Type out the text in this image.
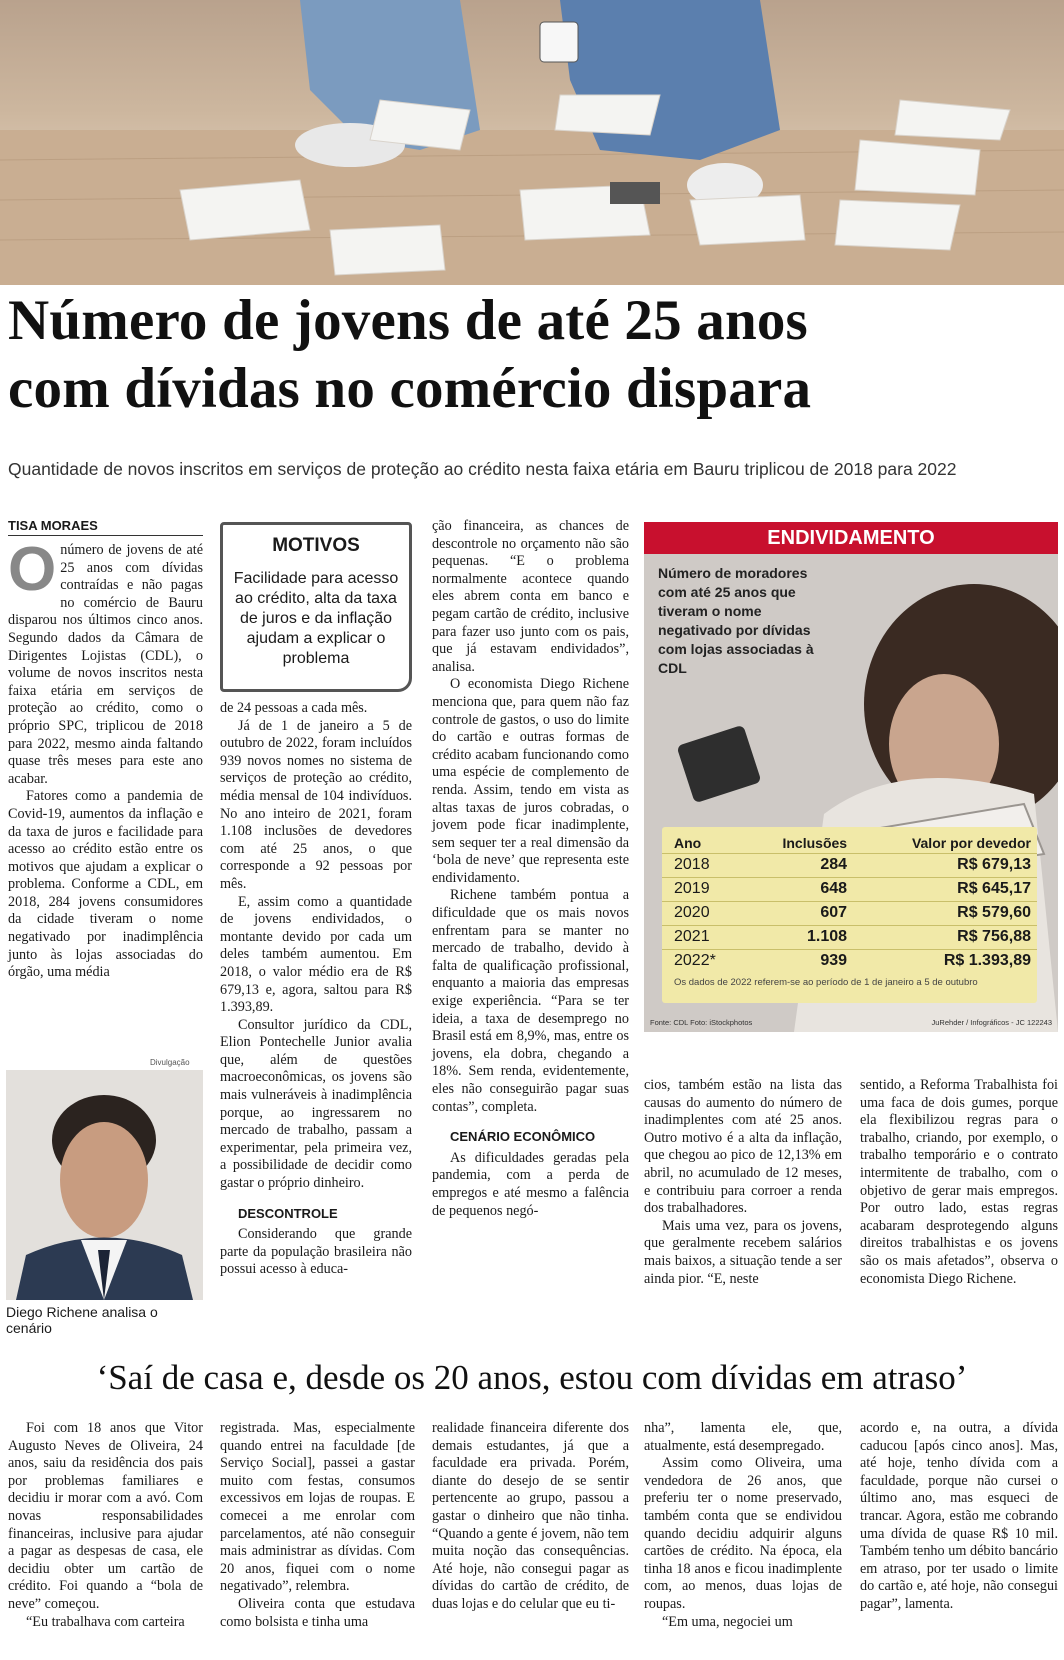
Número de jovens de até 25 anos
com dívidas no comércio dispara
Quantidade de novos inscritos em serviços de proteção ao crédito nesta faixa etária em Bauru triplicou de 2018 para 2022
TISA MORAES

Onúmero de jovens de até 25 anos com dívidas contraídas e não pagas no comércio de Bauru disparou nos últimos cinco anos. Segundo dados da Câmara de Dirigentes Lojistas (CDL), o volume de novos inscritos nesta faixa etária em serviços de proteção ao crédito, como o próprio SPC, triplicou de 2018 para 2022, mesmo ainda faltando quase três meses para este ano acabar.

Fatores como a pandemia de Covid-19, aumentos da inflação e da taxa de juros e facilidade para acesso ao crédito estão entre os motivos que ajudam a explicar o problema. Conforme a CDL, em 2018, 284 jovens consumidores da cidade tiveram o nome negativado por inadimplência junto às lojas associadas do órgão, uma média

MOTIVOS
Facilidade para acesso ao crédito, alta da taxa de juros e da inflação ajudam a explicar o problema

de 24 pessoas a cada mês.

Já de 1 de janeiro a 5 de outubro de 2022, foram incluídos 939 novos nomes no sistema de serviços de proteção ao crédito, média mensal de 104 indivíduos. No ano inteiro de 2021, foram 1.108 inclusões de devedores com até 25 anos, o que corresponde a 92 pessoas por mês.

E, assim como a quantidade de jovens endividados, o montante devido por cada um deles também aumentou. Em 2018, o valor médio era de R$ 679,13 e, agora, saltou para R$ 1.393,89.

Consultor jurídico da CDL, Elion Pontechelle Junior avalia que, além de questões macroeconômicas, os jovens são mais vulneráveis à inadimplência porque, ao ingressarem no mercado de trabalho, passam a experimentar, pela primeira vez, a possibilidade de decidir como gastar o próprio dinheiro.

DESCONTROLE

Considerando que grande parte da população brasileira não possui acesso à educa-

ção financeira, as chances de descontrole no orçamento não são pequenas. “E o problema normalmente acontece quando eles abrem conta em banco e pegam cartão de crédito, inclusive para fazer uso junto com os pais, que já estavam endividados”, analisa.

O economista Diego Richene menciona que, para quem não faz controle de gastos, o uso do limite do cartão e outras formas de crédito acabam funcionando como uma espécie de complemento de renda. Assim, tendo em vista as altas taxas de juros cobradas, o jovem pode ficar inadimplente, sem sequer ter a real dimensão da ‘bola de neve’ que representa este endividamento.

Richene também pontua a dificuldade que os mais novos enfrentam para se manter no mercado de trabalho, devido à falta de qualificação profissional, enquanto a maioria das empresas exige experiência. “Para se ter ideia, a taxa de desemprego no Brasil está em 8,9%, mas, entre os jovens, ela dobra, chegando a 18%. Sem renda, evidentemente, eles não conseguirão pagar suas contas”, completa.

CENÁRIO ECONÔMICO

As dificuldades geradas pela pandemia, com a perda de empregos e até mesmo a falência de pequenos negó-

ENDIVIDAMENTO
Número de moradores com até 25 anos que tiveram o nome negativado por dívidas com lojas associadas à CDL
Ano	Inclusões	Valor por devedor
2018	284	R$ 679,13
2019	648	R$ 645,17
2020	607	R$ 579,60
2021	1.108	R$ 756,88
2022*	939	R$ 1.393,89
Os dados de 2022 referem-se ao período de 1 de janeiro a 5 de outubro
Fonte: CDL Foto: iStockphotos	JuRehder / Infográficos - JC 122243
Divulgação
Diego Richene analisa o cenário

cios, também estão na lista das causas do aumento do número de inadimplentes com até 25 anos. Outro motivo é a alta da inflação, que chegou ao pico de 12,13% em abril, no acumulado de 12 meses, e contribuiu para corroer a renda dos trabalhadores.

Mais uma vez, para os jovens, que geralmente recebem salários mais baixos, a situação tende a ser ainda pior. “E, neste

sentido, a Reforma Trabalhista foi uma faca de dois gumes, porque ela flexibilizou regras para o trabalho, criando, por exemplo, o trabalho temporário e o contrato intermitente de trabalho, com o objetivo de gerar mais empregos. Por outro lado, estas regras acabaram desprotegendo alguns direitos trabalhistas e os jovens são os mais afetados”, observa o economista Diego Richene.

‘Saí de casa e, desde os 20 anos, estou com dívidas em atraso’

Foi com 18 anos que Vitor Augusto Neves de Oliveira, 24 anos, saiu da residência dos pais por problemas familiares e decidiu ir morar com a avó. Com novas responsabilidades financeiras, inclusive para ajudar a pagar as despesas de casa, ele decidiu obter um cartão de crédito. Foi quando a “bola de neve” começou.

“Eu trabalhava com carteira

registrada. Mas, especialmente quando entrei na faculdade [de Serviço Social], passei a gastar muito com festas, consumos excessivos em lojas de roupas. E comecei a me enrolar com parcelamentos, até não conseguir mais administrar as dívidas. Com 20 anos, fiquei com o nome negativado”, relembra.

Oliveira conta que estudava como bolsista e tinha uma

realidade financeira diferente dos demais estudantes, já que a faculdade era privada. Porém, diante do desejo de se sentir pertencente ao grupo, passou a gastar o dinheiro que não tinha. “Quando a gente é jovem, não tem muita noção das consequências. Até hoje, não consegui pagar as dívidas do cartão de crédito, de duas lojas e do celular que eu ti-

nha”, lamenta ele, que, atualmente, está desempregado.

Assim como Oliveira, uma vendedora de 26 anos, que preferiu ter o nome preservado, também conta que se endividou quando decidiu adquirir alguns cartões de crédito. Na época, ela tinha 18 anos e ficou inadimplente com, ao menos, duas lojas de roupas.

“Em uma, negociei um

acordo e, na outra, a dívida caducou [após cinco anos]. Mas, até hoje, tenho dívida com a faculdade, porque não cursei o último ano, mas esqueci de trancar. Agora, estão me cobrando uma dívida de quase R$ 10 mil. Também tenho um débito bancário em atraso, por ter usado o limite do cartão e, até hoje, não consegui pagar”, lamenta.
